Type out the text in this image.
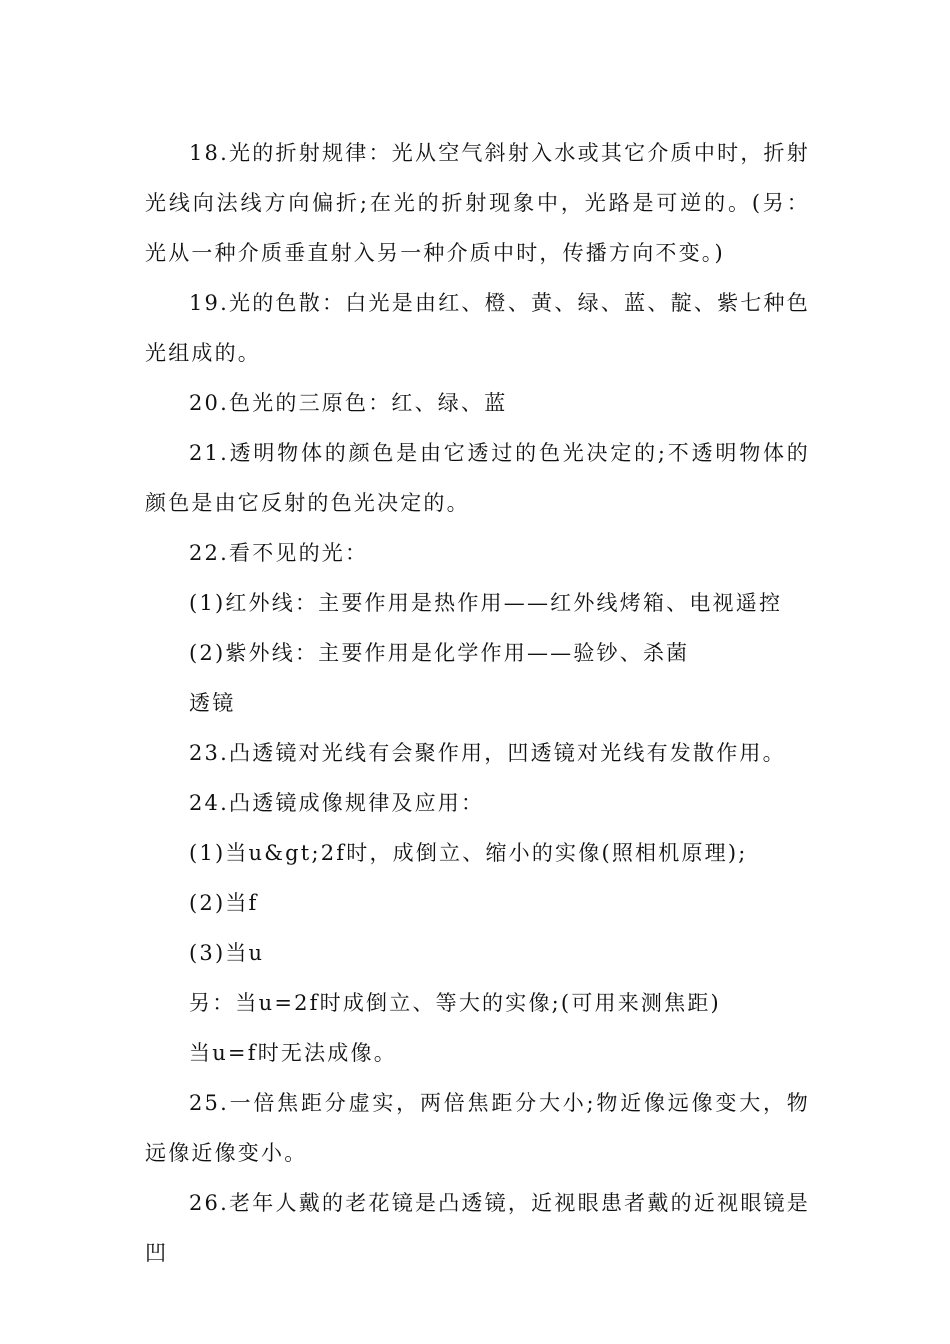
18.光的折射规律：光从空气斜射入水或其它介质中时，折射光线向法线方向偏折;在光的折射现象中，光路是可逆的。(另：光从一种介质垂直射入另一种介质中时，传播方向不变。)

19.光的色散：白光是由红、橙、黄、绿、蓝、靛、紫七种色光组成的。

20.色光的三原色：红、绿、蓝

21.透明物体的颜色是由它透过的色光决定的;不透明物体的颜色是由它反射的色光决定的。

22.看不见的光：

(1)红外线：主要作用是热作用——红外线烤箱、电视遥控

(2)紫外线：主要作用是化学作用——验钞、杀菌

透镜

23.凸透镜对光线有会聚作用，凹透镜对光线有发散作用。

24.凸透镜成像规律及应用：

(1)当u&gt;2f时，成倒立、缩小的实像(照相机原理);

(2)当f

(3)当u

另：当u=2f时成倒立、等大的实像;(可用来测焦距)

当u=f时无法成像。

25.一倍焦距分虚实，两倍焦距分大小;物近像远像变大，物远像近像变小。

26.老年人戴的老花镜是凸透镜，近视眼患者戴的近视眼镜是凹
